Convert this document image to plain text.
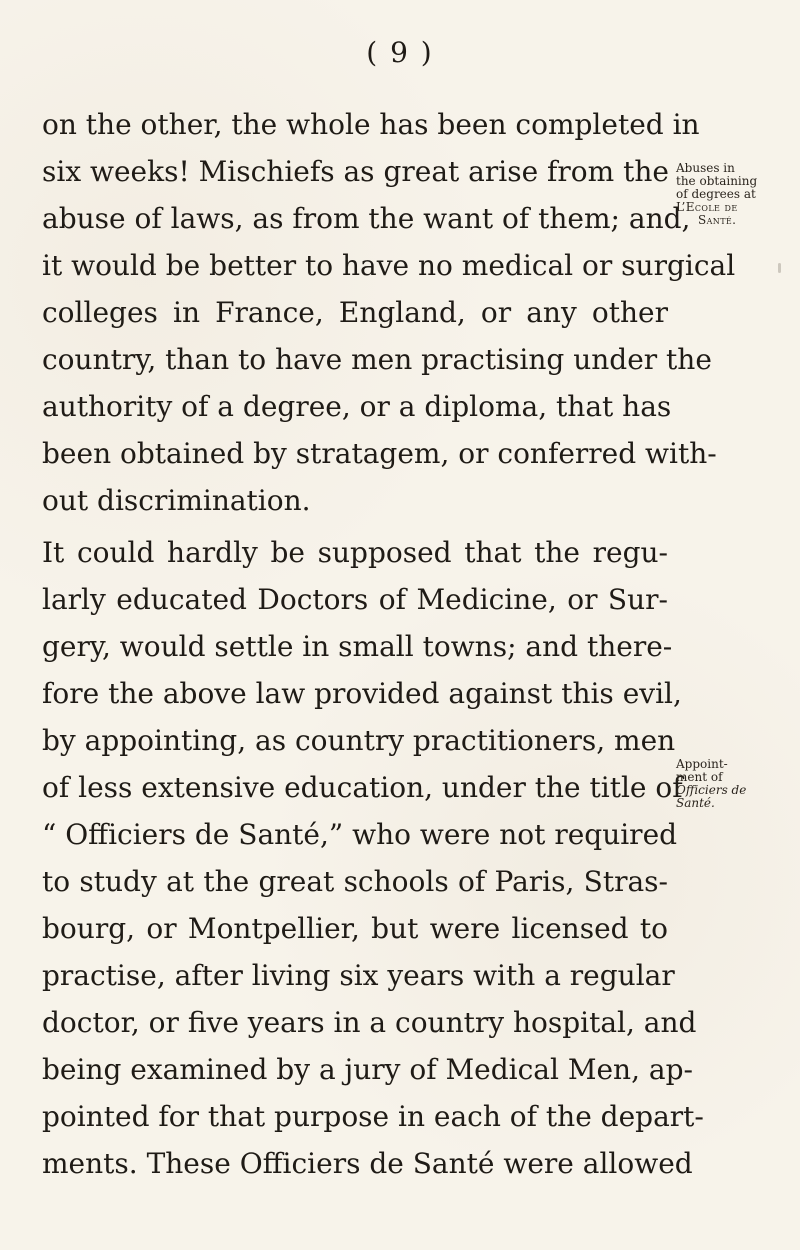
( 9 )
on the other, the whole has been completed in
six weeks! Mischiefs as great arise from the
abuse of laws, as from the want of them; and,
it would be better to have no medical or surgical
colleges in France, England, or any other
country, than to have men practising under the
authority of a degree, or a diploma, that has
been obtained by stratagem, or conferred with-
out discrimination.
It could hardly be supposed that the regu-
larly educated Doctors of Medicine, or Sur-
gery, would settle in small towns; and there-
fore the above law provided against this evil,
by appointing, as country practitioners, men
of less extensive education, under the title of
“ Officiers de Santé,” who were not required
to study at the great schools of Paris, Stras-
bourg, or Montpellier, but were licensed to
practise, after living six years with a regular
doctor, or five years in a country hospital, and
being examined by a jury of Medical Men, ap-
pointed for that purpose in each of the depart-
ments. These Officiers de Santé were allowed
Abuses in
the obtaining
of degrees at
L’Ecole de
Santé.
Appoint-
ment of
Officiers de
Santé.
